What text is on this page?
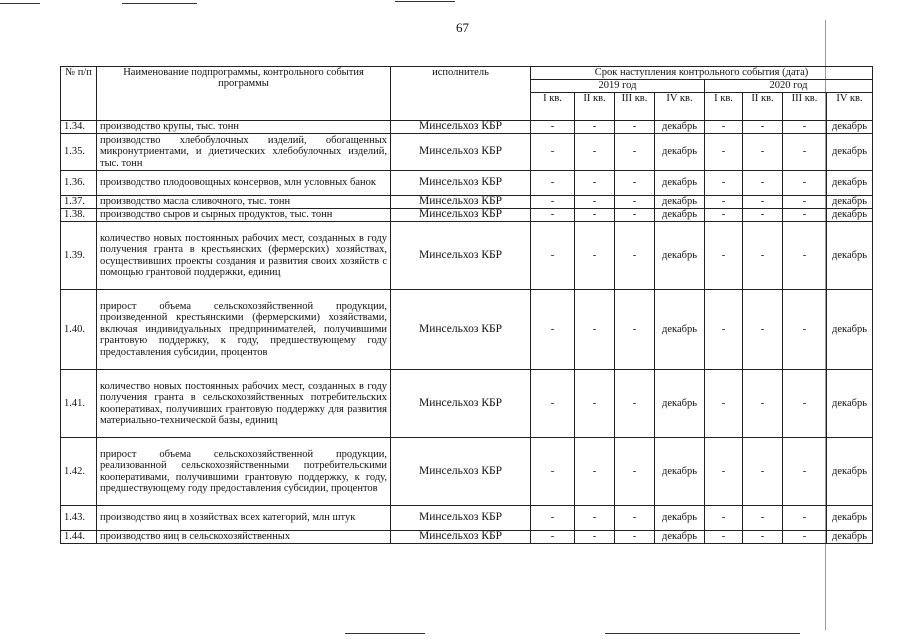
67
№ п/п	Наименование подпрограммы, контрольного события программы	исполнитель	Срок наступления контрольного события (дата)							
			2019 год				2020 год			
			I кв.	II кв.	III кв.	IV кв.	I кв.	II кв.	III кв.	IV кв.
1.34.	производство крупы, тыс. тонн	Минсельхоз КБР	-	-	-	декабрь	-	-	-	декабрь
1.35.	производство хлебобулочных изделий, обогащенных микронутриентами, и диетических хлебобулочных изделий, тыс. тонн	Минсельхоз КБР	-	-	-	декабрь	-	-	-	декабрь
1.36.	производство плодоовощных консервов, млн условных банок	Минсельхоз КБР	-	-	-	декабрь	-	-	-	декабрь
1.37.	производство масла сливочного, тыс. тонн	Минсельхоз КБР	-	-	-	декабрь	-	-	-	декабрь
1.38.	производство сыров и сырных продуктов, тыс. тонн	Минсельхоз КБР	-	-	-	декабрь	-	-	-	декабрь
1.39.	количество новых постоянных рабочих мест, созданных в году получения гранта в крестьянских (фермерских) хозяйствах, осуществивших проекты создания и развития своих хозяйств с помощью грантовой поддержки, единиц	Минсельхоз КБР	-	-	-	декабрь	-	-	-	декабрь
1.40.	прирост объема сельскохозяйственной продукции, произведенной крестьянскими (фермерскими) хозяйствами, включая индивидуальных предпринимателей, получившими грантовую поддержку, к году, предшествующему году предоставления субсидии, процентов	Минсельхоз КБР	-	-	-	декабрь	-	-	-	декабрь
1.41.	количество новых постоянных рабочих мест, созданных в году получения гранта в сельскохозяйственных потребительских кооперативах, получивших грантовую поддержку для развития материально-технической базы, единиц	Минсельхоз КБР	-	-	-	декабрь	-	-	-	декабрь
1.42.	прирост объема сельскохозяйственной продукции, реализованной сельскохозяйственными потребительскими кооперативами, получившими грантовую поддержку, к году, предшествующему году предоставления субсидии, процентов	Минсельхоз КБР	-	-	-	декабрь	-	-	-	декабрь
1.43.	производство яиц в хозяйствах всех категорий, млн штук	Минсельхоз КБР	-	-	-	декабрь	-	-	-	декабрь
1.44.	производство яиц в сельскохозяйственных	Минсельхоз КБР	-	-	-	декабрь	-	-	-	декабрь
